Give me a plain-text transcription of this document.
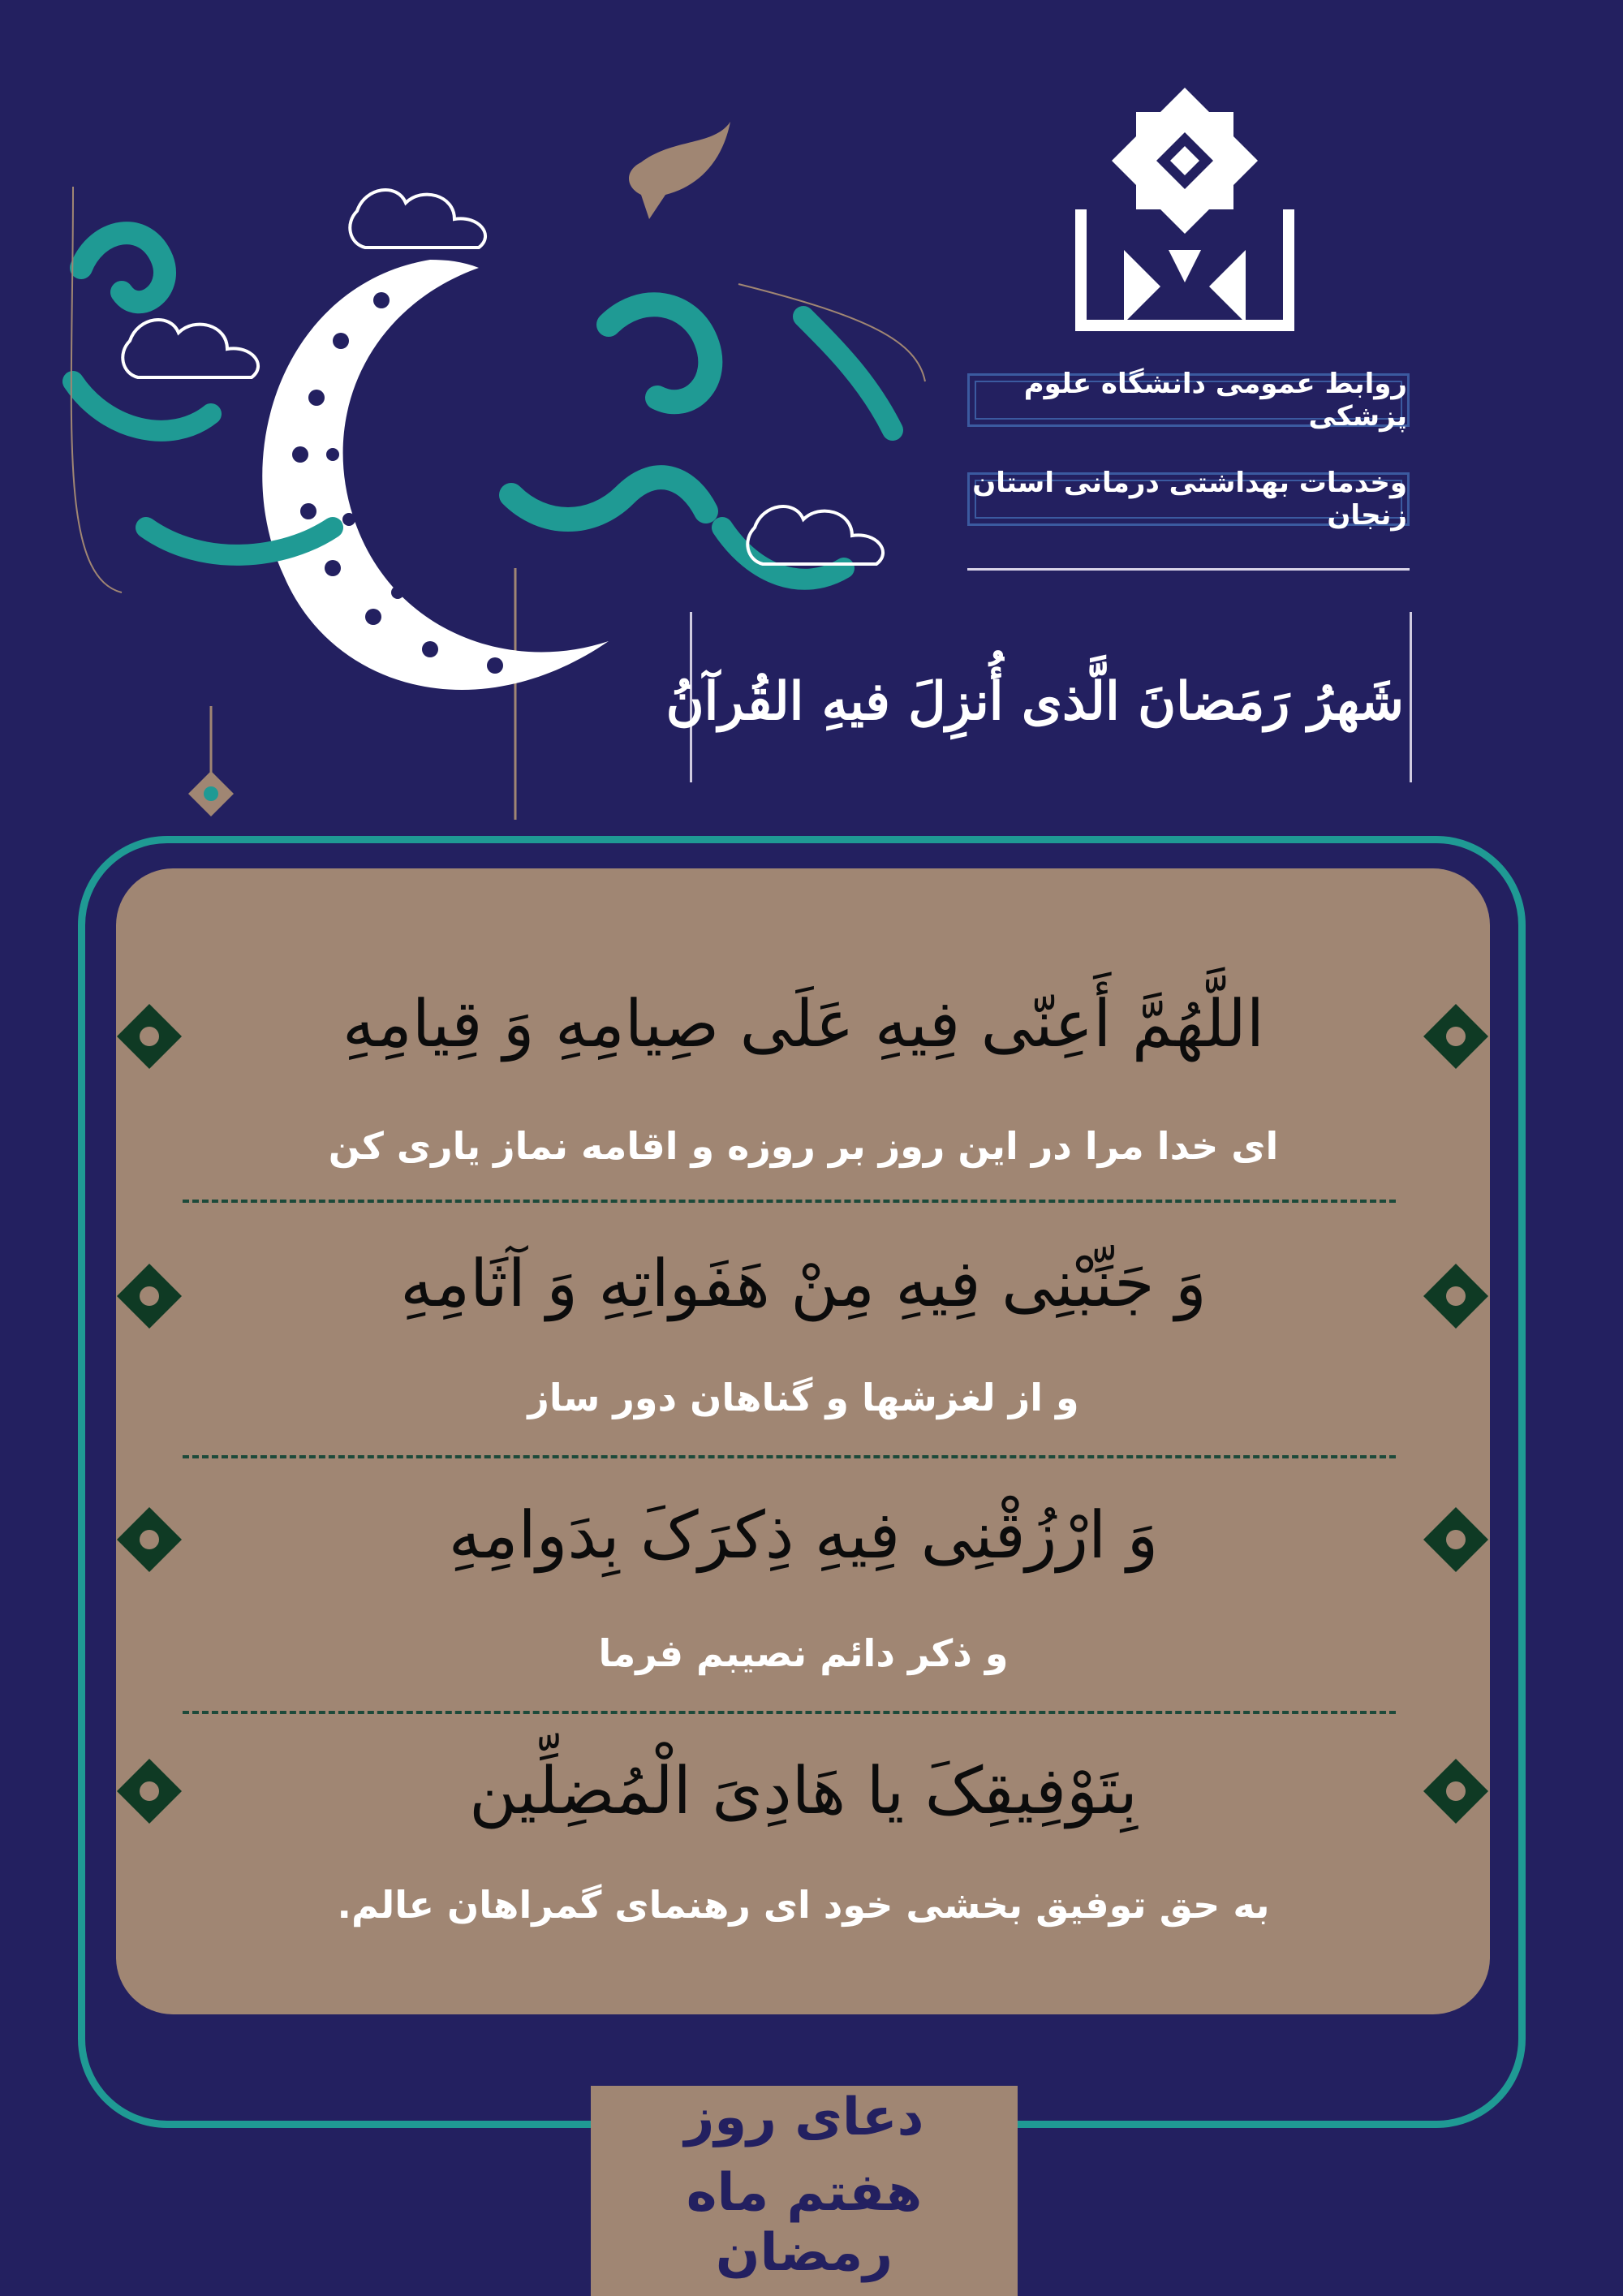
روابط عمومی دانشگاه علوم پزشکی
وخدمات بهداشتی درمانی استان زنجان
شَهرُ رَمَضانَ الَّذی أُنزِلَ فیهِ القُرآنُ
اللَّهُمَّ أَعِنّی فِیهِ عَلَی صِیامِهِ وَ قِیامِهِ
ای خدا مرا در این روز بر روزه و اقامه نماز یاری کن
وَ جَنِّبْنِی فِیهِ مِنْ هَفَواتِهِ وَ آثَامِهِ
و از لغزشها و گناهان دور ساز
وَ ارْزُقْنِی فِیهِ ذِکرَکَ بِدَوامِهِ
و ذکر دائم نصیبم فرما
بِتَوْفِیقِکَ یا هَادِیَ الْمُضِلِّین
به حق توفیق بخشی خود ای رهنمای گمراهان عالم.
دعای روز
هفتم ماه رمضان
